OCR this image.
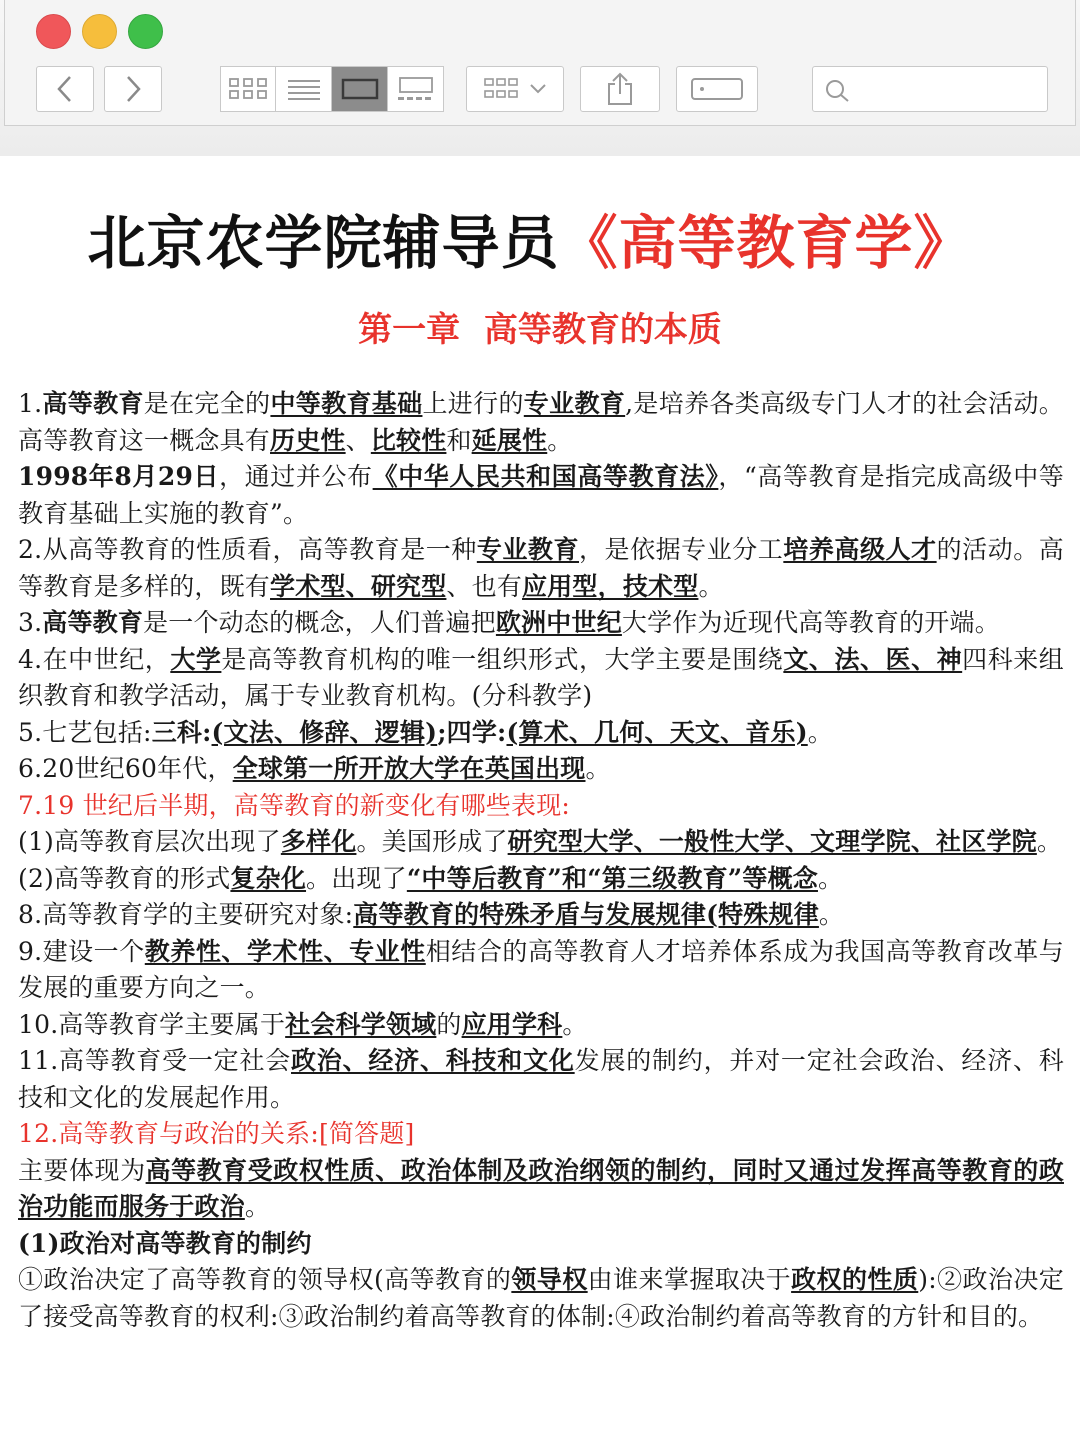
北京农学院辅导员《高等教育学》
第一章  高等教育的本质

1.高等教育是在完全的中等教育基础上进行的专业教育,是培养各类高级专门人才的社会活动。高等教育这一概念具有历史性、比较性和延展性。

1998年8月29日，通过并公布《中华人民共和国高等教育法》，“高等教育是指完成高级中等教育基础上实施的教育”。

2.从高等教育的性质看，高等教育是一种专业教育，是依据专业分工培养高级人才的活动。高等教育是多样的，既有学术型、研究型、也有应用型，技术型。

3.高等教育是一个动态的概念，人们普遍把欧洲中世纪大学作为近现代高等教育的开端。

4.在中世纪，大学是高等教育机构的唯一组织形式，大学主要是围绕文、法、医、神四科来组织教育和教学活动，属于专业教育机构。(分科教学)

5.七艺包括:三科:(文法、修辞、逻辑);四学:(算术、几何、天文、音乐)。

6.20世纪60年代，全球第一所开放大学在英国出现。

7.19 世纪后半期，高等教育的新变化有哪些表现:

(1)高等教育层次出现了多样化。美国形成了研究型大学、一般性大学、文理学院、社区学院。

(2)高等教育的形式复杂化。出现了“中等后教育”和“第三级教育”等概念。

8.高等教育学的主要研究对象:高等教育的特殊矛盾与发展规律(特殊规律。

9.建设一个教养性、学术性、专业性相结合的高等教育人才培养体系成为我国高等教育改革与发展的重要方向之一。

10.高等教育学主要属于社会科学领域的应用学科。

11.高等教育受一定社会政治、经济、科技和文化发展的制约，并对一定社会政治、经济、科技和文化的发展起作用。

12.高等教育与政治的关系:[简答题]

主要体现为高等教育受政权性质、政治体制及政治纲领的制约，同时又通过发挥高等教育的政治功能而服务于政治。

(1)政治对高等教育的制约

①政治决定了高等教育的领导权(高等教育的领导权由谁来掌握取决于政权的性质):②政治决定了接受高等教育的权利:③政治制约着高等教育的体制:④政治制约着高等教育的方针和目的。
